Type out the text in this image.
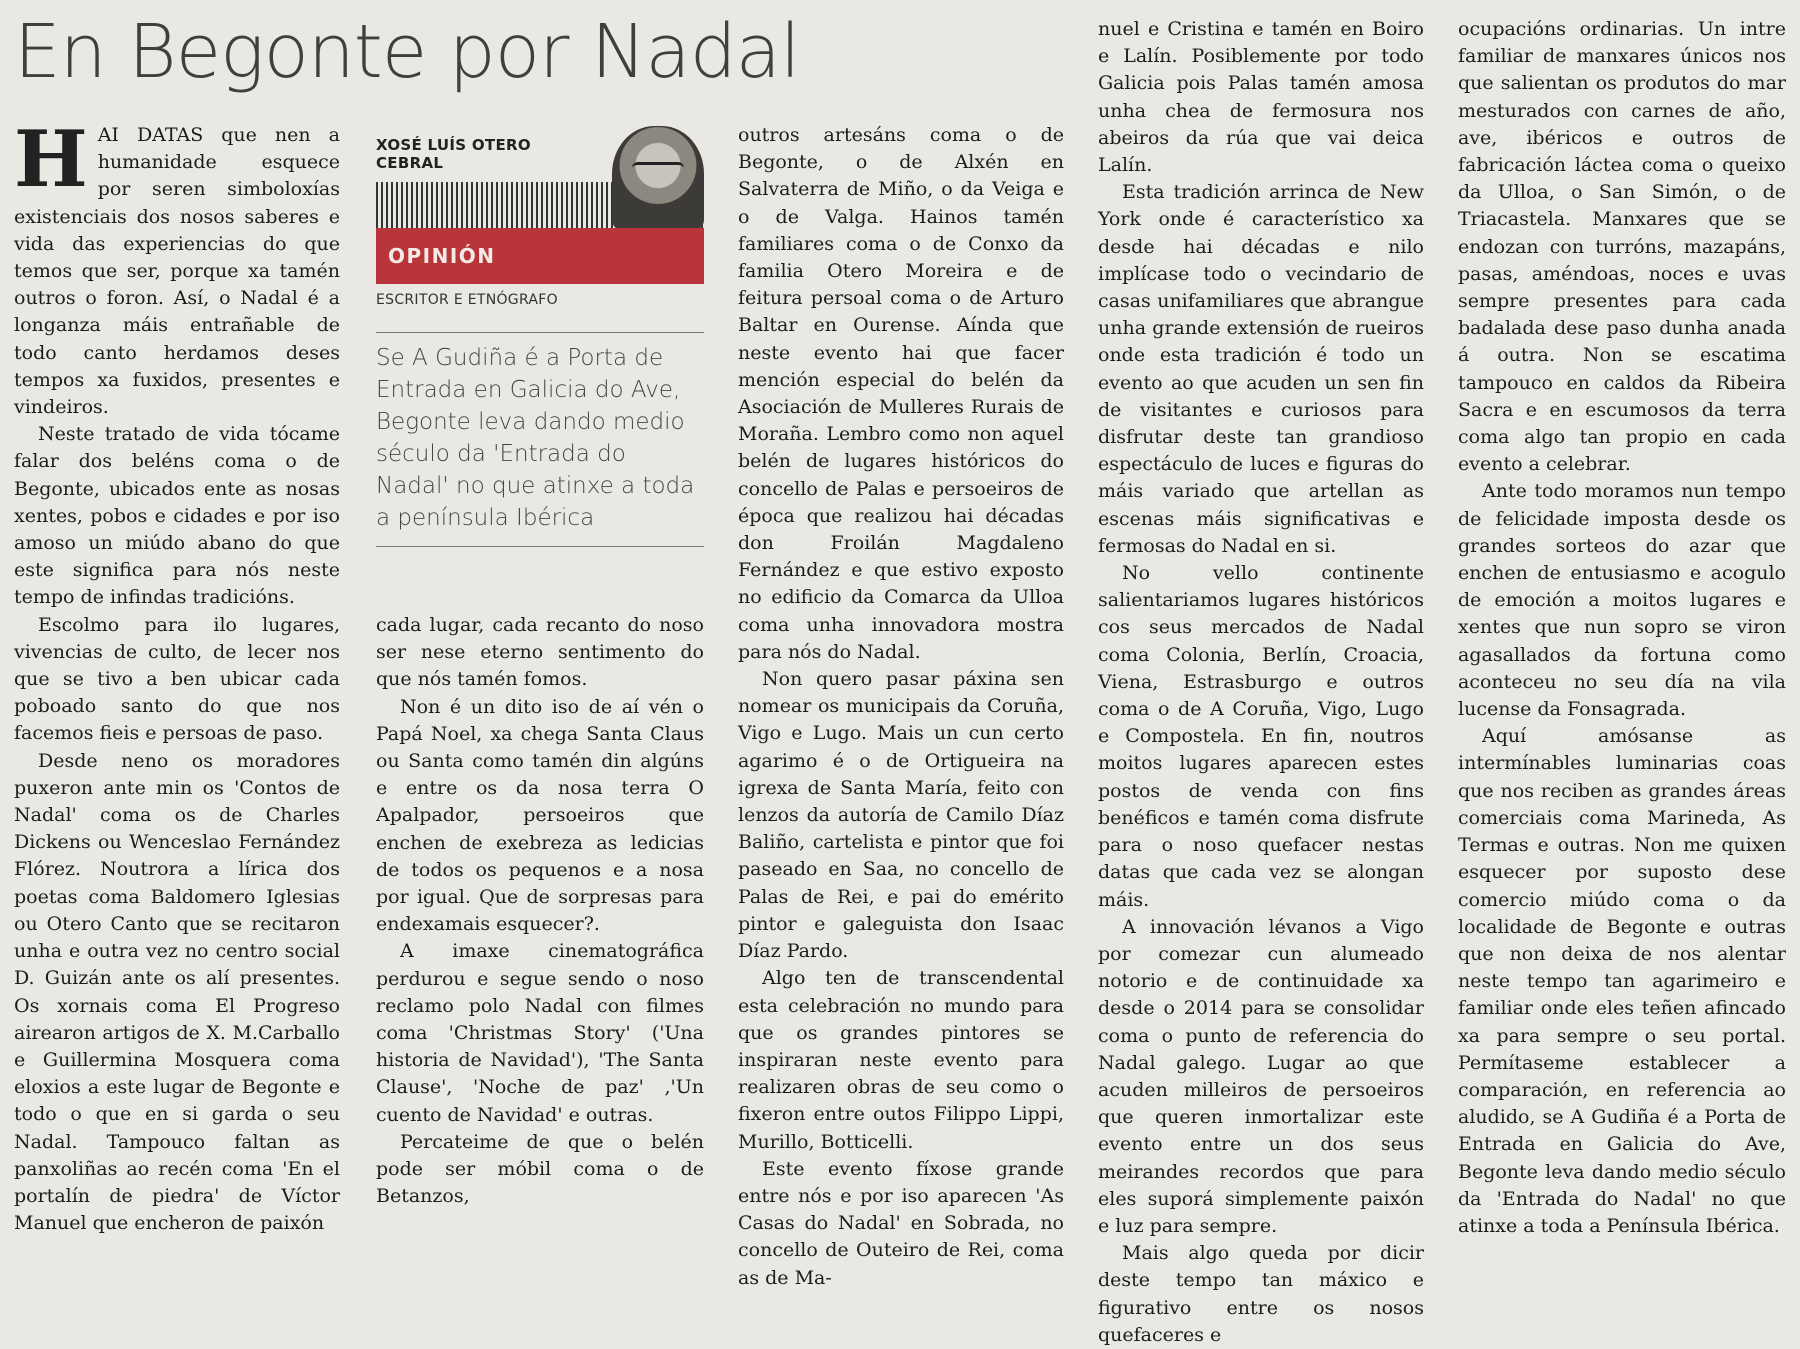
En Begonte por Nadal
H AI DATAS que nen a humanidade esquece por seren simboloxías existenciais dos nosos saberes e vida das experiencias do que temos que ser, porque xa tamén outros o foron. Así, o Nadal é a longanza máis entrañable de todo canto herdamos deses tempos xa fuxidos, presentes e vindeiros.

Neste tratado de vida tócame falar dos beléns coma o de Begonte, ubicados ente as nosas xentes, pobos e cidades e por iso amoso un miúdo abano do que este significa para nós neste tempo de infindas tradicións.

Escolmo para ilo lugares, vivencias de culto, de lecer nos que se tivo a ben ubicar cada poboado santo do que nos facemos fieis e persoas de paso.

Desde neno os moradores puxeron ante min os 'Contos de Nadal' coma os de Charles Dickens ou Wenceslao Fernández Flórez. Noutrora a lírica dos poetas coma Baldomero Iglesias ou Otero Canto que se recitaron unha e outra vez no centro social D. Guizán ante os alí presentes. Os xornais coma El Progreso airearon artigos de X. M.Carballo e Guillermina Mosquera coma eloxios a este lugar de Begonte e todo o que en si garda o seu Nadal. Tampouco faltan as panxoliñas ao recén coma 'En el portalín de piedra' de Víctor Manuel que encheron de paixón

XOSÉ LUÍS OTERO CEBRAL

OPINIÓN

ESCRITOR E ETNÓGRAFO

Se A Gudiña é a Porta de Entrada en Galicia do Ave, Begonte leva dando medio século da 'Entrada do Nadal' no que atinxe a toda a península Ibérica

cada lugar, cada recanto do noso ser nese eterno sentimento do que nós tamén fomos.

Non é un dito iso de aí vén o Papá Noel, xa chega Santa Claus ou Santa como tamén din algúns e entre os da nosa terra O Apalpador, persoeiros que enchen de exebreza as ledicias de todos os pequenos e a nosa por igual. Que de sorpresas para endexamais esquecer?.

A imaxe cinematográfica perdurou e segue sendo o noso reclamo polo Nadal con filmes coma 'Christmas Story' ('Una historia de Navidad'), 'The Santa Clause', 'Noche de paz' ,'Un cuento de Navidad' e outras.

Percateime de que o belén pode ser móbil coma o de Betanzos,

outros artesáns coma o de Begonte, o de Alxén en Salvaterra de Miño, o da Veiga e o de Valga. Hainos tamén familiares coma o de Conxo da familia Otero Moreira e de feitura persoal coma o de Arturo Baltar en Ourense. Aínda que neste evento hai que facer mención especial do belén da Asociación de Mulleres Rurais de Moraña. Lembro como non aquel belén de lugares históricos do concello de Palas e persoeiros de época que realizou hai décadas don Froilán Magdaleno Fernández e que estivo exposto no edificio da Comarca da Ulloa coma unha innovadora mostra para nós do Nadal.

Non quero pasar páxina sen nomear os municipais da Coruña, Vigo e Lugo. Mais un cun certo agarimo é o de Ortigueira na igrexa de Santa María, feito con lenzos da autoría de Camilo Díaz Baliño, cartelista e pintor que foi paseado en Saa, no concello de Palas de Rei, e pai do emérito pintor e galeguista don Isaac Díaz Pardo.

Algo ten de transcendental esta celebración no mundo para que os grandes pintores se inspiraran neste evento para realizaren obras de seu como o fixeron entre outos Filippo Lippi, Murillo, Botticelli.

Este evento fíxose grande entre nós e por iso aparecen 'As Casas do Nadal' en Sobrada, no concello de Outeiro de Rei, coma as de Ma-

nuel e Cristina e tamén en Boiro e Lalín. Posiblemente por todo Galicia pois Palas tamén amosa unha chea de fermosura nos abeiros da rúa que vai deica Lalín.

Esta tradición arrinca de New York onde é característico xa desde hai décadas e nilo implícase todo o vecindario de casas unifamiliares que abrangue unha grande extensión de rueiros onde esta tradición é todo un evento ao que acuden un sen fin de visitantes e curiosos para disfrutar deste tan grandioso espectáculo de luces e figuras do máis variado que artellan as escenas máis significativas e fermosas do Nadal en si.

No vello continente salientariamos lugares históricos cos seus mercados de Nadal coma Colonia, Berlín, Croacia, Viena, Estrasburgo e outros coma o de A Coruña, Vigo, Lugo e Compostela. En fin, noutros moitos lugares aparecen estes postos de venda con fins benéficos e tamén coma disfrute para o noso quefacer nestas datas que cada vez se alongan máis.

A innovación lévanos a Vigo por comezar cun alumeado notorio e de continuidade xa desde o 2014 para se consolidar coma o punto de referencia do Nadal galego. Lugar ao que acuden milleiros de persoeiros que queren inmortalizar este evento entre un dos seus meirandes recordos que para eles suporá simplemente paixón e luz para sempre.

Mais algo queda por dicir deste tempo tan máxico e figurativo entre os nosos quefaceres e

ocupacións ordinarias. Un intre familiar de manxares únicos nos que salientan os produtos do mar mesturados con carnes de año, ave, ibéricos e outros de fabricación láctea coma o queixo da Ulloa, o San Simón, o de Triacastela. Manxares que se endozan con turróns, mazapáns, pasas, améndoas, noces e uvas sempre presentes para cada badalada dese paso dunha anada á outra. Non se escatima tampouco en caldos da Ribeira Sacra e en escumosos da terra coma algo tan propio en cada evento a celebrar.

Ante todo moramos nun tempo de felicidade imposta desde os grandes sorteos do azar que enchen de entusiasmo e acogulo de emoción a moitos lugares e xentes que nun sopro se viron agasallados da fortuna como aconteceu no seu día na vila lucense da Fonsagrada.

Aquí amósanse as intermínables luminarias coas que nos reciben as grandes áreas comerciais coma Marineda, As Termas e outras. Non me quixen esquecer por suposto dese comercio miúdo coma o da localidade de Begonte e outras que non deixa de nos alentar neste tempo tan agarimeiro e familiar onde eles teñen afincado xa para sempre o seu portal. Permítaseme establecer a comparación, en referencia ao aludido, se A Gudiña é a Porta de Entrada en Galicia do Ave, Begonte leva dando medio século da 'Entrada do Nadal' no que atinxe a toda a Península Ibérica.
